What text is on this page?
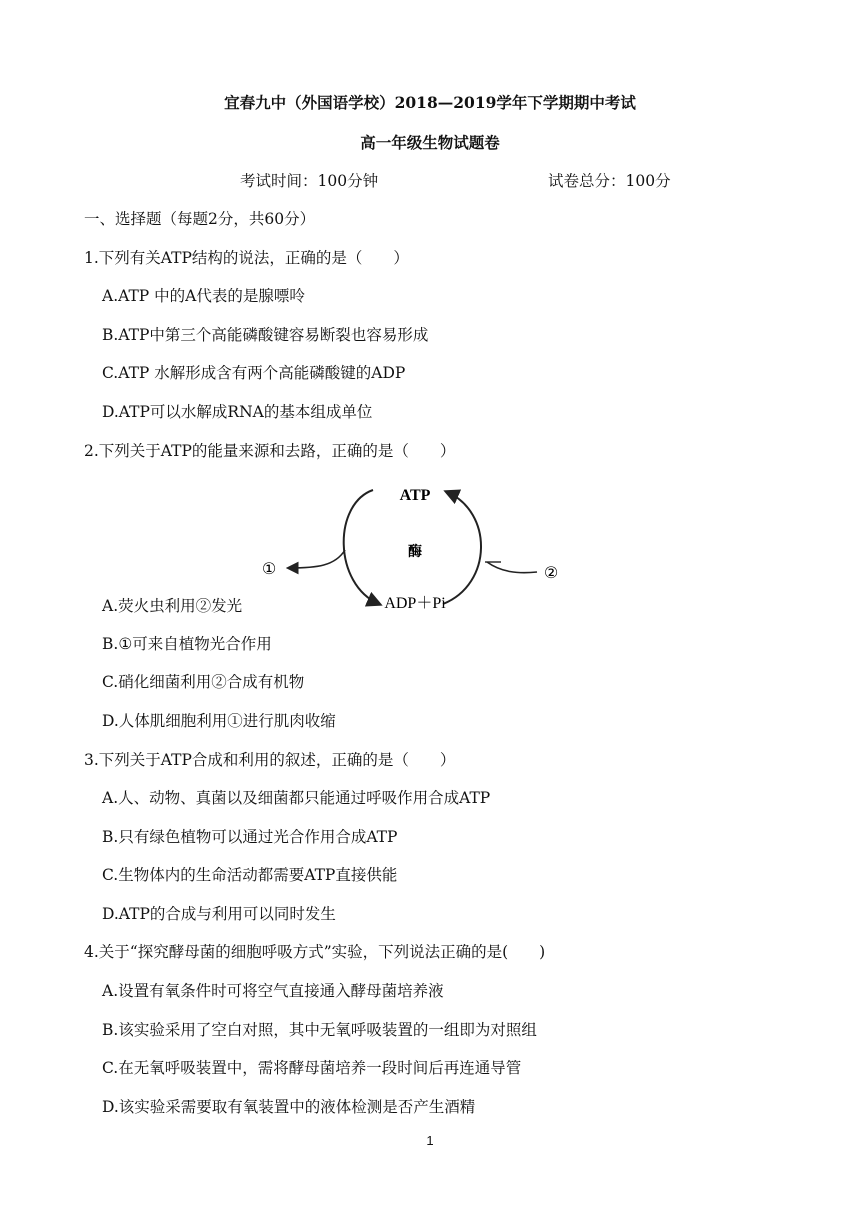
宜春九中（外国语学校）2018—2019学年下学期期中考试
高一年级生物试题卷
考试时间：100分钟	试卷总分：100分
一、选择题（每题2分，共60分）
1.下列有关ATP结构的说法，正确的是（　　）
A.ATP 中的A代表的是腺嘌呤
B.ATP中第三个高能磷酸键容易断裂也容易形成
C.ATP 水解形成含有两个高能磷酸键的ADP
D.ATP可以水解成RNA的基本组成单位
2.下列关于ATP的能量来源和去路，正确的是（　　）
A.荧火虫利用②发光
ATP
酶
ADP＋Pi
①	②
B.①可来自植物光合作用
C.硝化细菌利用②合成有机物
D.人体肌细胞利用①进行肌肉收缩
3.下列关于ATP合成和利用的叙述，正确的是（　　）
A.人、动物、真菌以及细菌都只能通过呼吸作用合成ATP
B.只有绿色植物可以通过光合作用合成ATP
C.生物体内的生命活动都需要ATP直接供能
D.ATP的合成与利用可以同时发生
4.关于“探究酵母菌的细胞呼吸方式”实验，下列说法正确的是(　　)
A.设置有氧条件时可将空气直接通入酵母菌培养液
B.该实验采用了空白对照，其中无氧呼吸装置的一组即为对照组
C.在无氧呼吸装置中，需将酵母菌培养一段时间后再连通导管
D.该实验采需要取有氧装置中的液体检测是否产生酒精
1
